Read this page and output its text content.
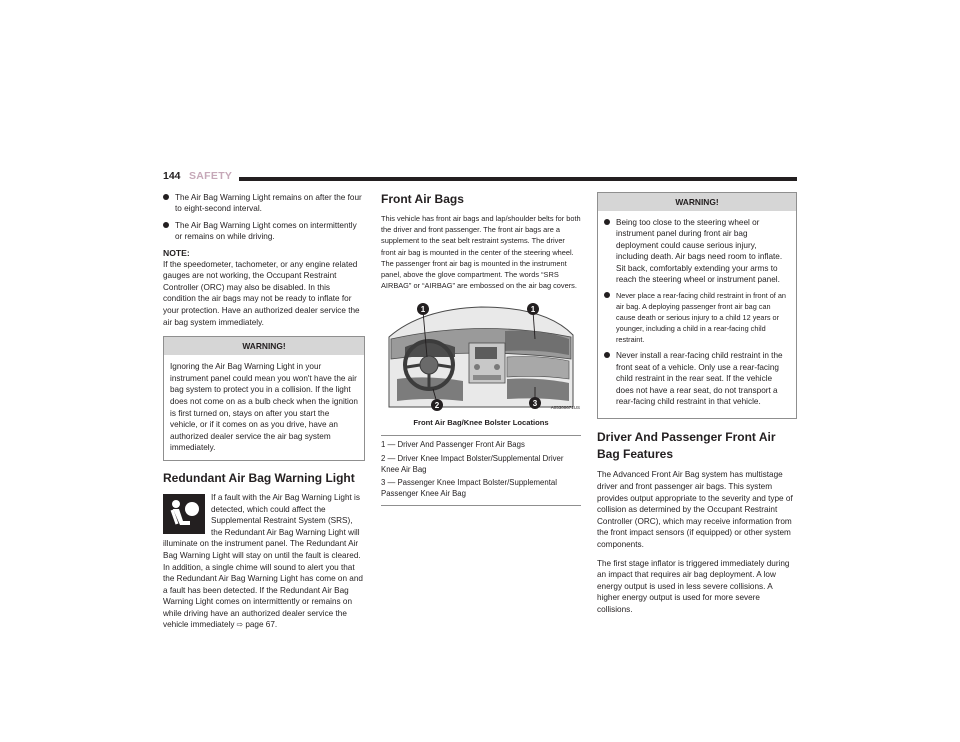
144 SAFETY

The Air Bag Warning Light remains on after the four to eight-second interval.

The Air Bag Warning Light comes on intermittently or remains on while driving.

NOTE:

If the speedometer, tachometer, or any engine related gauges are not working, the Occupant Restraint Controller (ORC) may also be disabled. In this condition the air bags may not be ready to inflate for your protection. Have an authorized dealer service the air bag system immediately.

WARNING!

Ignoring the Air Bag Warning Light in your instrument panel could mean you won't have the air bag system to protect you in a collision. If the light does not come on as a bulb check when the ignition is first turned on, stays on after you start the vehicle, or if it comes on as you drive, have an authorized dealer service the air bag system immediately.

Redundant Air Bag Warning Light

If a fault with the Air Bag Warning Light is detected, which could affect the Supplemental Restraint System (SRS), the Redundant Air Bag Warning Light will illuminate on the instrument panel. The Redundant Air Bag Warning Light will stay on until the fault is cleared. In addition, a single chime will sound to alert you that the Redundant Air Bag Warning Light has come on and a fault has been detected. If the Redundant Air Bag Warning Light comes on intermittently or remains on while driving have an authorized dealer service the vehicle immediately ⇨ page 67.

Front Air Bags

This vehicle has front air bags and lap/shoulder belts for both the driver and front passenger. The front air bags are a supplement to the seat belt restraint systems. The driver front air bag is mounted in the center of the steering wheel. The passenger front air bag is mounted in the instrument panel, above the glove compartment. The words “SRS AIRBAG” or “AIRBAG” are embossed on the air bag covers.

1	1
2	3	A05300671US
Front Air Bag/Knee Bolster Locations

1 — Driver And Passenger Front Air Bags

2 — Driver Knee Impact Bolster/Supplemental Driver Knee Air Bag

3 — Passenger Knee Impact Bolster/Supplemental Passenger Knee Air Bag

WARNING!

Being too close to the steering wheel or instrument panel during front air bag deployment could cause serious injury, including death. Air bags need room to inflate. Sit back, comfortably extending your arms to reach the steering wheel or instrument panel.

Never place a rear-facing child restraint in front of an air bag. A deploying passenger front air bag can cause death or serious injury to a child 12 years or younger, including a child in a rear-facing child restraint.

Never install a rear-facing child restraint in the front seat of a vehicle. Only use a rear-facing child restraint in the rear seat. If the vehicle does not have a rear seat, do not transport a rear-facing child restraint in that vehicle.

Driver And Passenger Front Air Bag Features

The Advanced Front Air Bag system has multistage driver and front passenger air bags. This system provides output appropriate to the severity and type of collision as determined by the Occupant Restraint Controller (ORC), which may receive information from the front impact sensors (if equipped) or other system components.

The first stage inflator is triggered immediately during an impact that requires air bag deployment. A low energy output is used in less severe collisions. A higher energy output is used for more severe collisions.
